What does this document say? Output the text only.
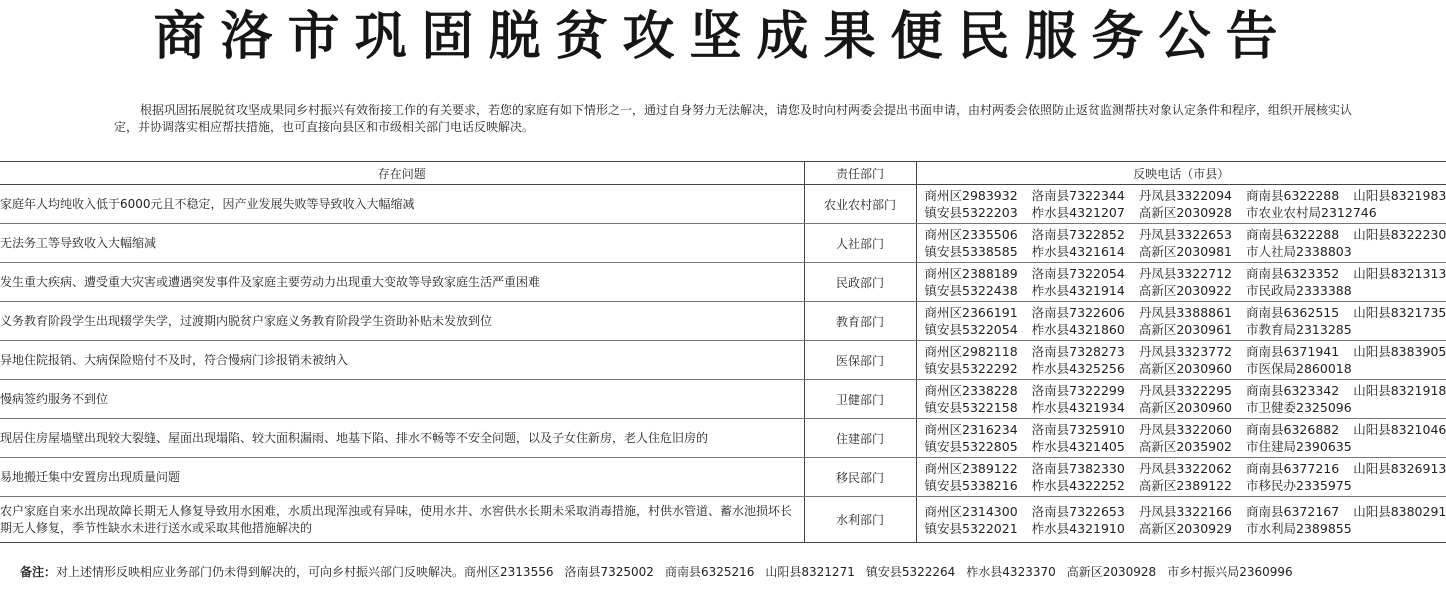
商洛市巩固脱贫攻坚成果便民服务公告
根据巩固拓展脱贫攻坚成果同乡村振兴有效衔接工作的有关要求，若您的家庭有如下情形之一，通过自身努力无法解决，请您及时向村两委会提出书面申请，由村两委会依照防止返贫监测帮扶对象认定条件和程序，组织开展核实认定，并协调落实相应帮扶措施，也可直接向县区和市级相关部门电话反映解决。
存在问题	责任部门	反映电话（市县）
家庭年人均纯收入低于6000元且不稳定，因产业发展失败等导致收入大幅缩减	农业农村部门	商州区2983932 洛南县7322344 丹凤县3322094 商南县6322288 山阳县8321983
镇安县5322203 柞水县4321207 高新区2030928 市农业农村局2312746

无法务工等导致收入大幅缩减	人社部门	商州区2335506 洛南县7322852 丹凤县3322653 商南县6322288 山阳县8322230
镇安县5338585 柞水县4321614 高新区2030981 市人社局2338803

发生重大疾病、遭受重大灾害或遭遇突发事件及家庭主要劳动力出现重大变故等导致家庭生活严重困难	民政部门	商州区2388189 洛南县7322054 丹凤县3322712 商南县6323352 山阳县8321313
镇安县5322438 柞水县4321914 高新区2030922 市民政局2333388

义务教育阶段学生出现辍学失学，过渡期内脱贫户家庭义务教育阶段学生资助补贴未发放到位	教育部门	商州区2366191 洛南县7322606 丹凤县3388861 商南县6362515 山阳县8321735
镇安县5322054 柞水县4321860 高新区2030961 市教育局2313285

异地住院报销、大病保险赔付不及时，符合慢病门诊报销未被纳入	医保部门	商州区2982118 洛南县7328273 丹凤县3323772 商南县6371941 山阳县8383905
镇安县5322292 柞水县4325256 高新区2030960 市医保局2860018

慢病签约服务不到位	卫健部门	商州区2338228 洛南县7322299 丹凤县3322295 商南县6323342 山阳县8321918
镇安县5322158 柞水县4321934 高新区2030960 市卫健委2325096

现居住房屋墙壁出现较大裂缝、屋面出现塌陷、较大面积漏雨、地基下陷、排水不畅等不安全问题，以及子女住新房，老人住危旧房的	住建部门	商州区2316234 洛南县7325910 丹凤县3322060 商南县6326882 山阳县8321046
镇安县5322805 柞水县4321405 高新区2035902 市住建局2390635

易地搬迁集中安置房出现质量问题	移民部门	商州区2389122 洛南县7382330 丹凤县3322062 商南县6377216 山阳县8326913
镇安县5338216 柞水县4322252 高新区2389122 市移民办2335975

农户家庭自来水出现故障长期无人修复导致用水困难，水质出现浑浊或有异味，使用水井、水窖供水长期未采取消毒措施，村供水管道、蓄水池损坏长期无人修复，季节性缺水未进行送水或采取其他措施解决的	水利部门	商州区2314300 洛南县7322653 丹凤县3322166 商南县6372167 山阳县8380291
镇安县5322021 柞水县4321910 高新区2030929 市水利局2389855
备注：对上述情形反映相应业务部门仍未得到解决的，可向乡村振兴部门反映解决。商州区2313556 洛南县7325002 商南县6325216 山阳县8321271 镇安县5322264 柞水县4323370 高新区2030928 市乡村振兴局2360996
